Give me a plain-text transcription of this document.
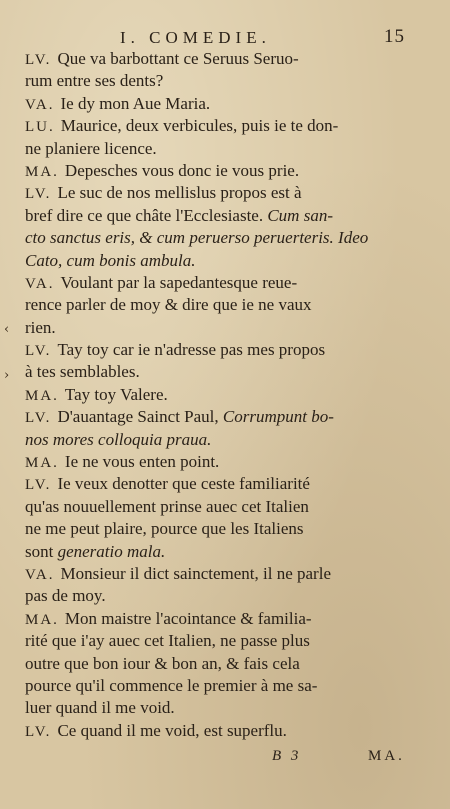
I. COMEDIE.	15
LV. Que va barbottant ce Seruus Seruo-
rum entre ses dents?
VA. Ie dy mon Aue Maria.
LU. Maurice, deux verbicules, puis ie te don-
ne planiere licence.
MA. Depesches vous donc ie vous prie.
LV. Le suc de nos mellislus propos est à
bref dire ce que châte l'Ecclesiaste. Cum san-
cto sanctus eris, & cum peruerso peruerteris. Ideo
Cato, cum bonis ambula.
VA. Voulant par la sapedantesque reue-
rence parler de moy & dire que ie ne vaux
rien.
LV. Tay toy car ie n'adresse pas mes propos
à tes semblables.
MA. Tay toy Valere.
LV. D'auantage Sainct Paul, Corrumpunt bo-
nos mores colloquia praua.
MA. Ie ne vous enten point.
LV. Ie veux denotter que ceste familiarité
qu'as nouuellement prinse auec cet Italien
ne me peut plaire, pource que les Italiens
sont generatio mala.
VA. Monsieur il dict sainctement, il ne parle
pas de moy.
MA. Mon maistre l'acointance & familia-
rité que i'ay auec cet Italien, ne passe plus
outre que bon iour & bon an, & fais cela
pource qu'il commence le premier à me sa-
luer quand il me void.
LV. Ce quand il me void, est superflu.
‹
›
B 3	MA.
